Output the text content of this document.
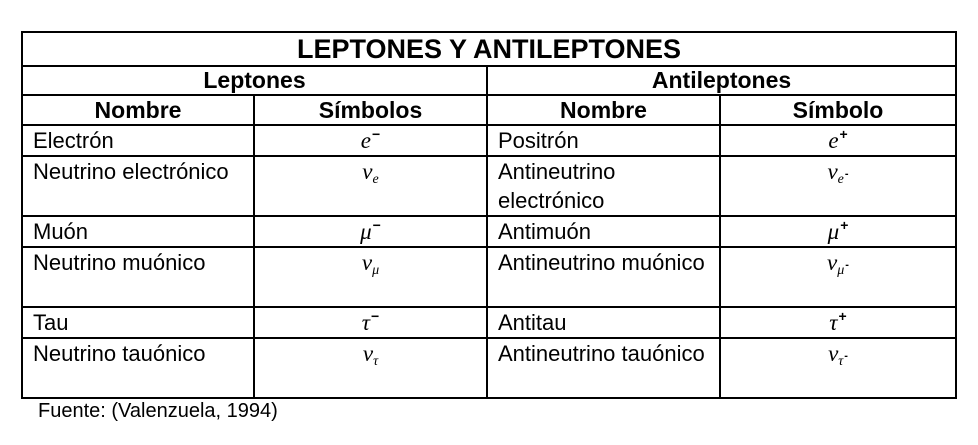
LEPTONES Y ANTILEPTONES			
Leptones		Antileptones	
Nombre	Símbolos	Nombre	Símbolo
Electrón	e−	Positrón	e+
Neutrino electrónico	$\nu_e$	Antineutrino electrónico	$\nu_{e^-}$
Muón	μ−	Antimuón	μ+
Neutrino muónico	$\nu_\mu$	Antineutrino muónico	$\nu_{\mu^-}$
Tau	τ−	Antitau	τ+
Neutrino tauónico	$\nu_\tau$	Antineutrino tauónico	$\nu_{\tau^-}$
Fuente: (Valenzuela, 1994)
